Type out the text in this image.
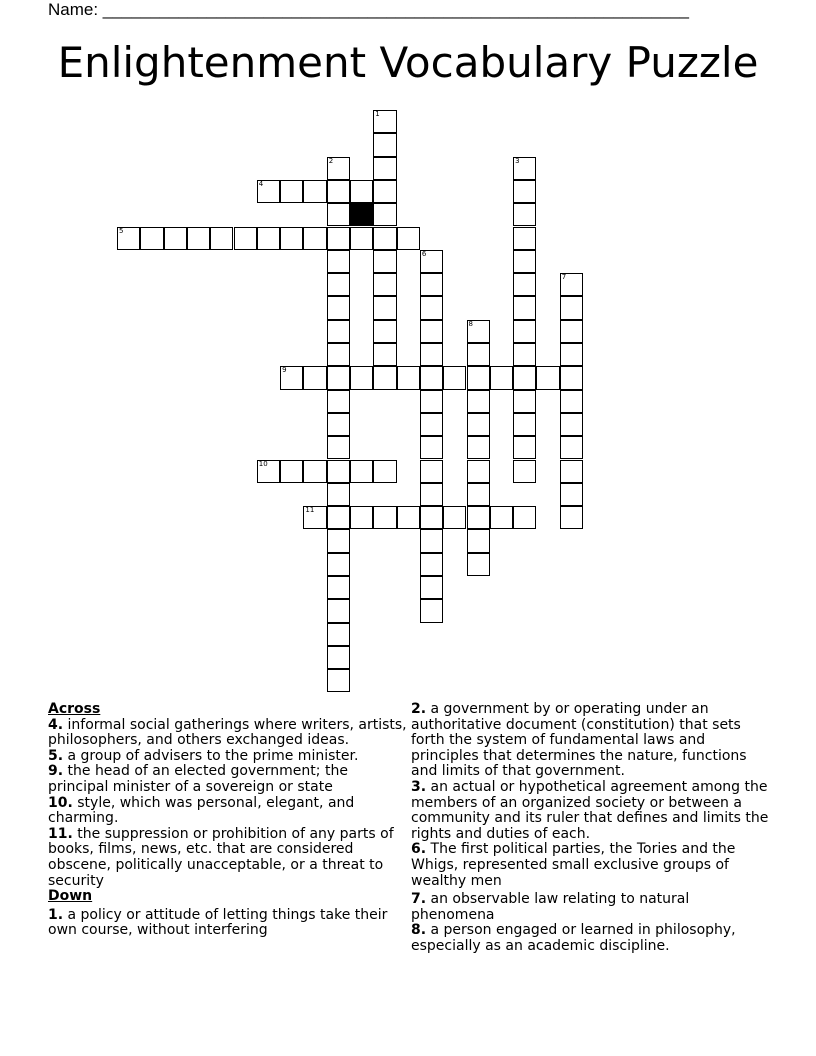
Name: ______________________________________________________________
Enlightenment Vocabulary Puzzle
1
2	3
4
5
6
7
8
9
10
11
Across
4. informal social gatherings where writers, artists, philosophers, and others exchanged ideas.
5. a group of advisers to the prime minister.
9. the head of an elected government; the principal minister of a sovereign or state
10. style, which was personal, elegant, and charming.
11. the suppression or prohibition of any parts of books, films, news, etc. that are considered obscene, politically unacceptable, or a threat to security
Down
1. a policy or attitude of letting things take their own course, without interfering
2. a government by or operating under an authoritative document (constitution) that sets forth the system of fundamental laws and principles that determines the nature, functions and limits of that government.
3. an actual or hypothetical agreement among the members of an organized society or between a community and its ruler that defines and limits the rights and duties of each.
6. The first political parties, the Tories and the Whigs, represented small exclusive groups of wealthy men
7. an observable law relating to natural phenomena
8. a person engaged or learned in philosophy, especially as an academic discipline.
